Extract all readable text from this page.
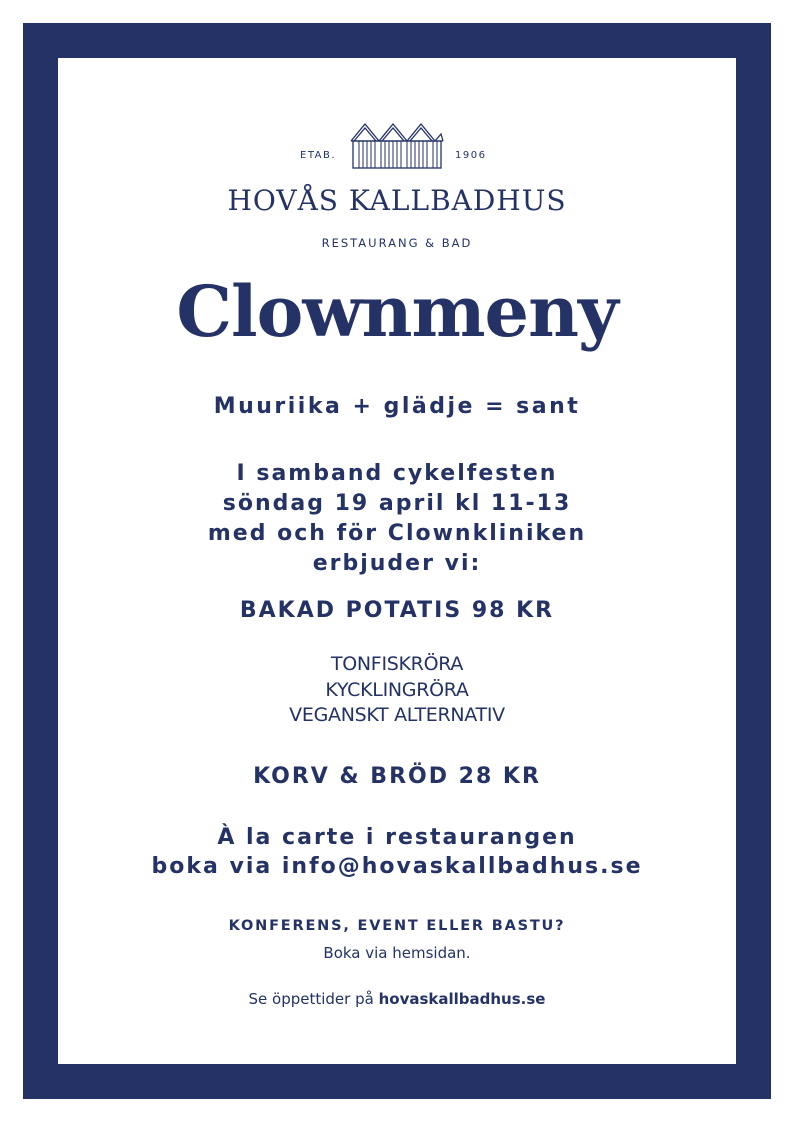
ETAB.	1906
HOVÅS KALLBADHUS
RESTAURANG & BAD
Clownmeny
Muuriika + glädje = sant
I samband cykelfesten
söndag 19 april kl 11-13
med och för Clownkliniken
erbjuder vi:
BAKAD POTATIS 98 KR
TONFISKRÖRA
KYCKLINGRÖRA
VEGANSKT ALTERNATIV
KORV & BRÖD 28 KR
À la carte i restaurangen
boka via info@hovaskallbadhus.se
KONFERENS, EVENT ELLER BASTU?
Boka via hemsidan.
Se öppettider på hovaskallbadhus.se
